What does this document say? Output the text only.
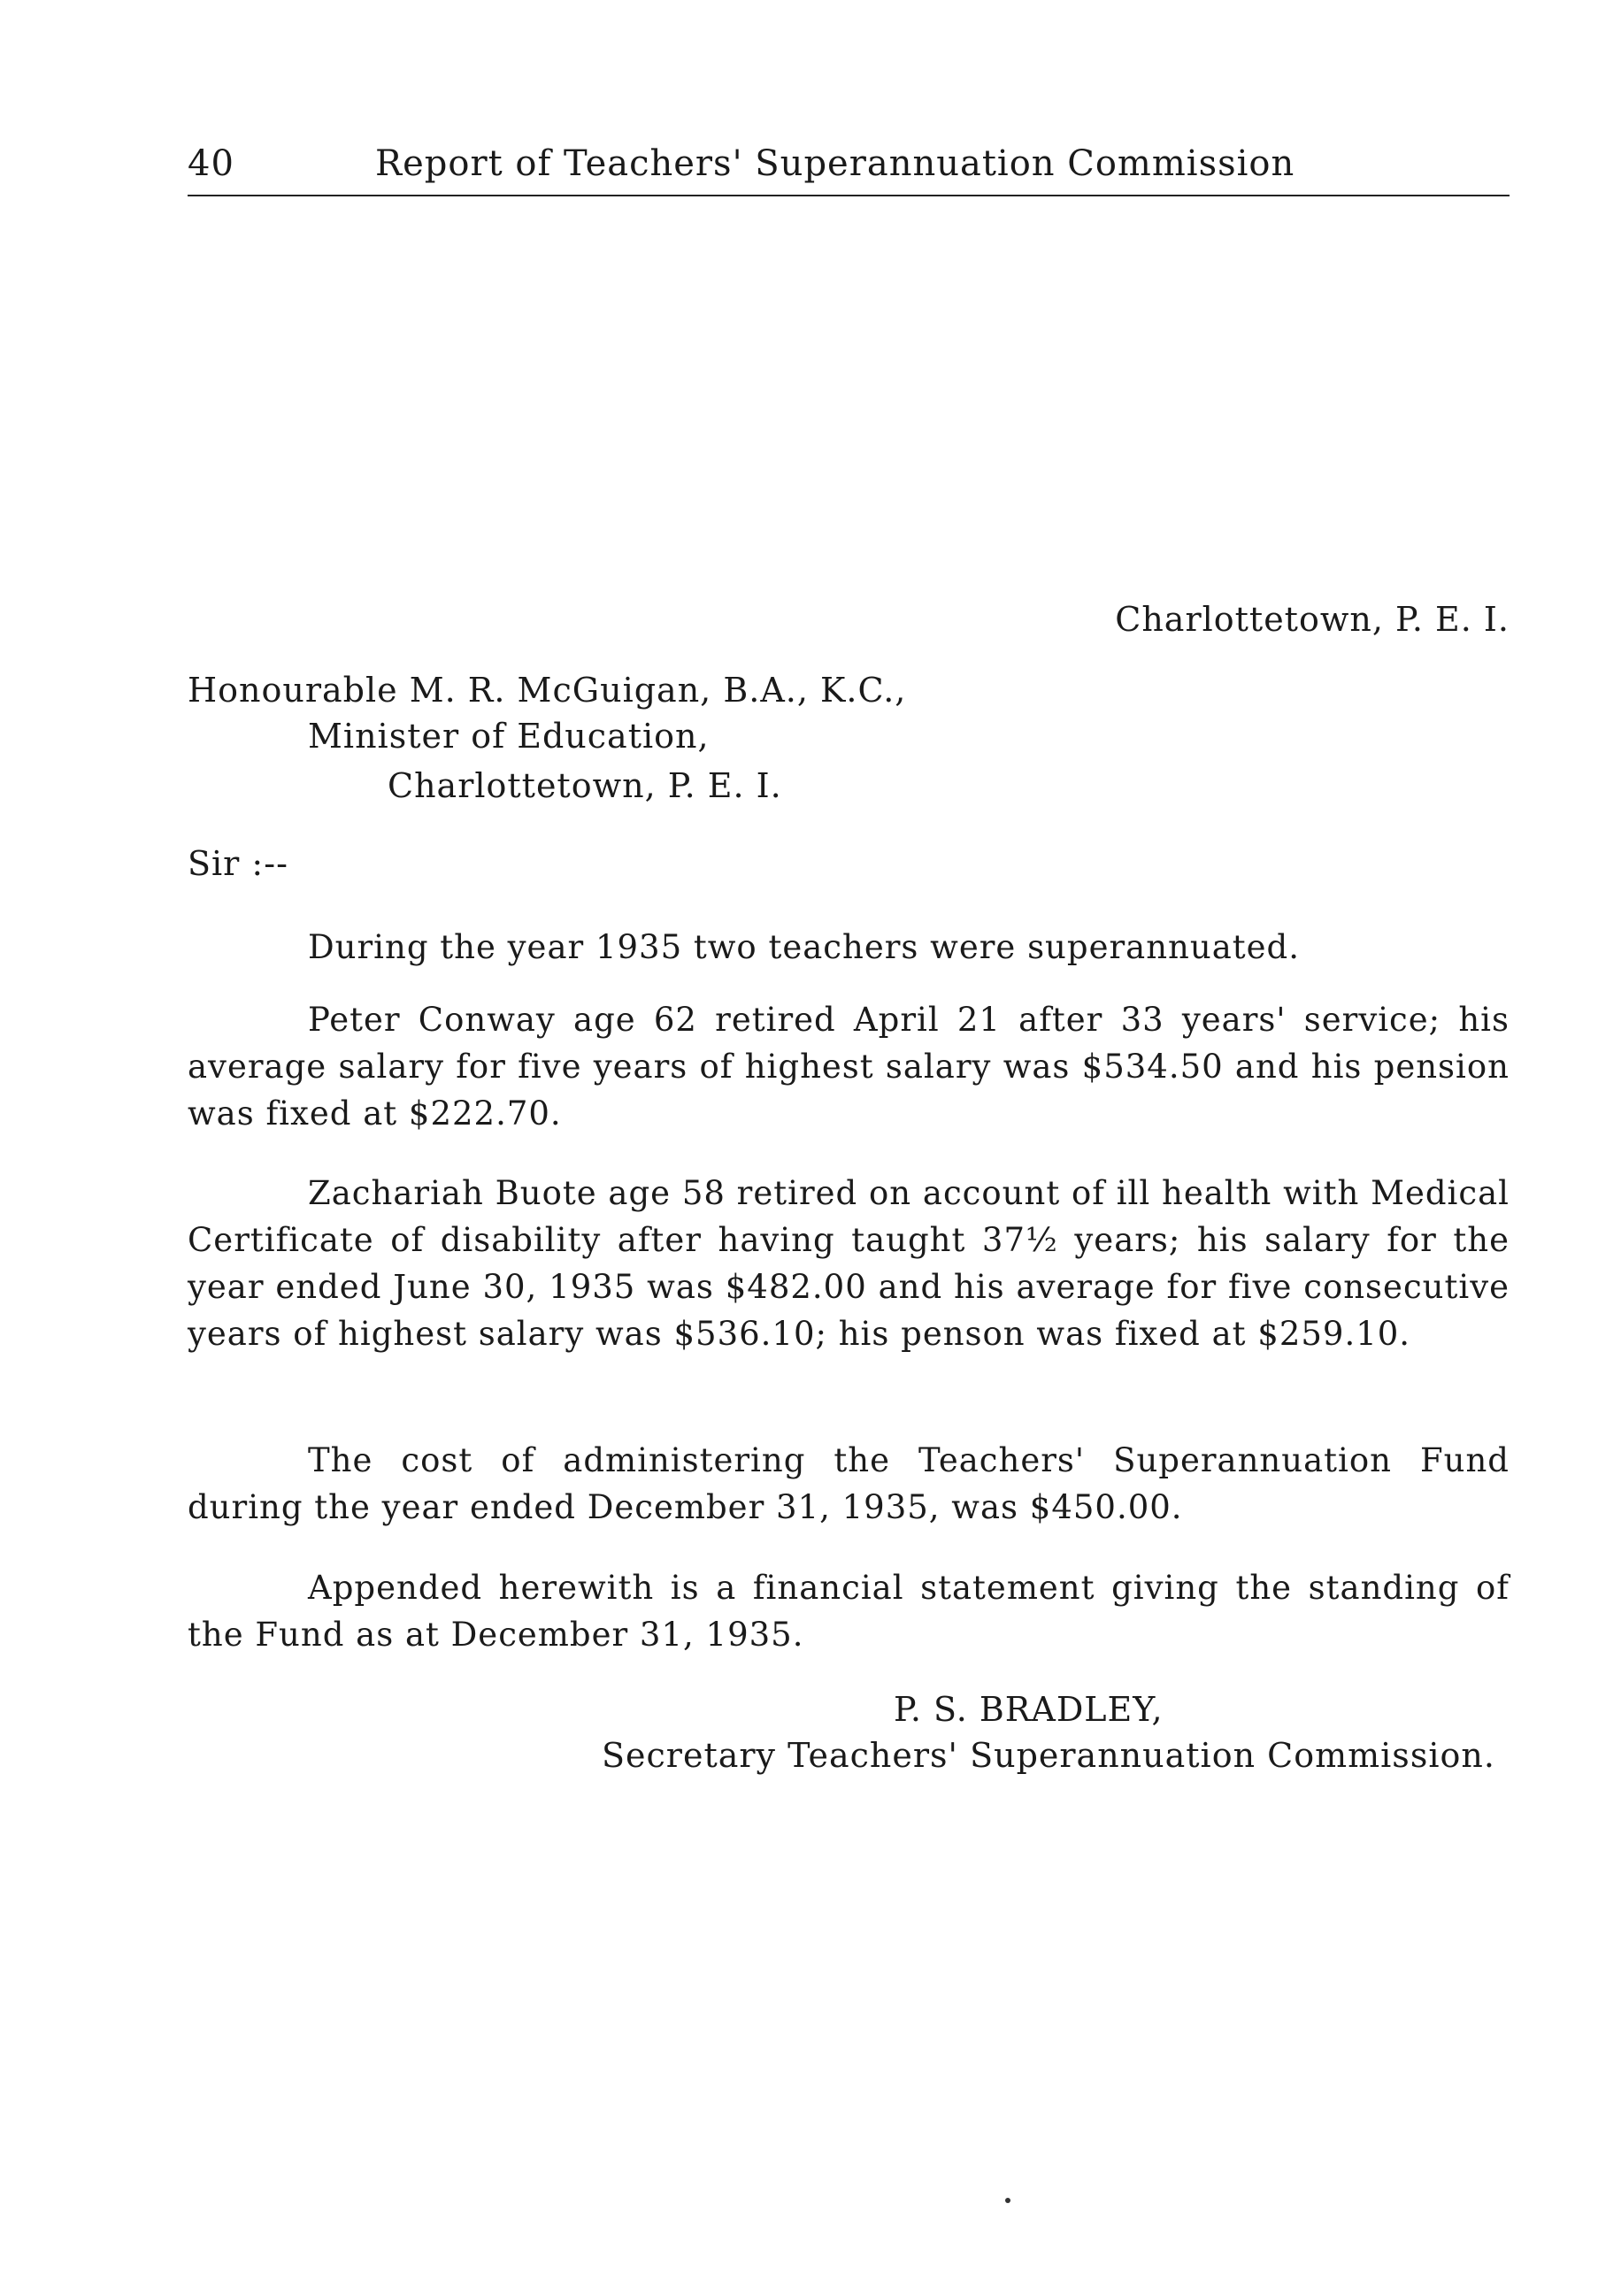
40	Report of Teachers' Superannuation Commission
Charlottetown, P. E. I.
Honourable M. R. McGuigan, B.A., K.C.,
Minister of Education,
Charlottetown, P. E. I.
Sir :--
During the year 1935 two teachers were superannuated.
Peter Conway age 62 retired April 21 after 33 years' service; his average salary for five years of highest salary was $534.50 and his pension was fixed at $222.70.
Zachariah Buote age 58 retired on account of ill health with Medical Certificate of disability after having taught 37½ years; his salary for the year ended June 30, 1935 was $482.00 and his average for five consecutive years of highest salary was $536.10; his penson was fixed at $259.10.
The cost of administering the Teachers' Superannuation Fund during the year ended December 31, 1935, was $450.00.
Appended herewith is a financial statement giving the standing of the Fund as at December 31, 1935.
P. S. BRADLEY,
Secretary Teachers' Superannuation Commission.
